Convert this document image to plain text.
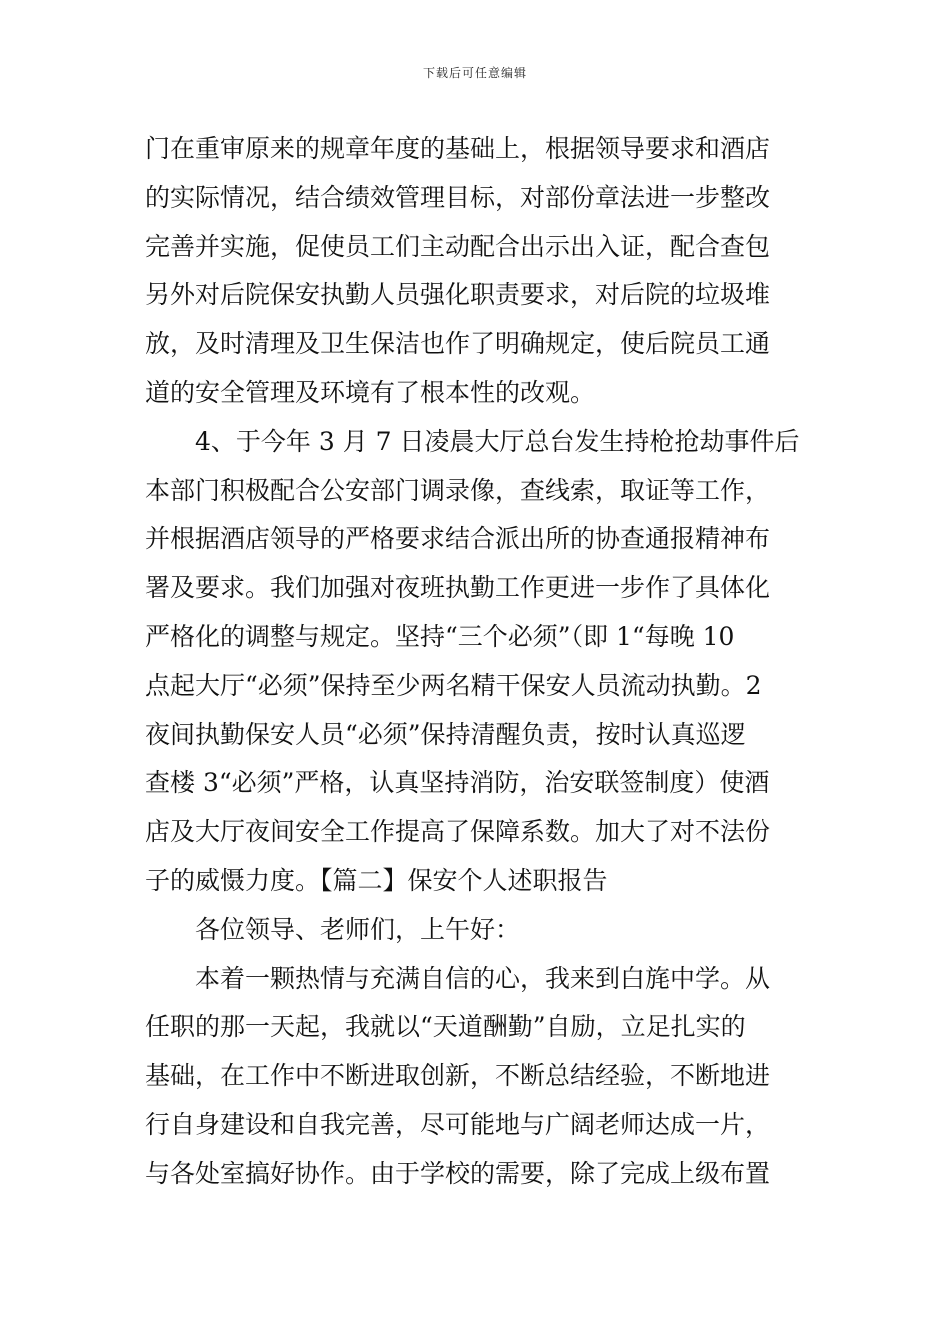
下载后可任意编辑
门在重审原来的规章年度的基础上，根据领导要求和酒店
的实际情况，结合绩效管理目标，对部份章法进一步整改
完善并实施，促使员工们主动配合出示出入证，配合查包
另外对后院保安执勤人员强化职责要求，对后院的垃圾堆
放，及时清理及卫生保洁也作了明确规定，使后院员工通
道的安全管理及环境有了根本性的改观。
4、于今年 3 月 7 日凌晨大厅总台发生持枪抢劫事件后
本部门积极配合公安部门调录像，查线索，取证等工作，
并根据酒店领导的严格要求结合派出所的协查通报精神布
署及要求。我们加强对夜班执勤工作更进一步作了具体化
严格化的调整与规定。坚持“三个必须”（即 1“每晚 10
点起大厅“必须”保持至少两名精干保安人员流动执勤。2
夜间执勤保安人员“必须”保持清醒负责，按时认真巡逻
查楼 3“必须”严格，认真坚持消防，治安联签制度）使酒
店及大厅夜间安全工作提高了保障系数。加大了对不法份
子的威慑力度。【篇二】保安个人述职报告
各位领导、老师们，上午好：
本着一颗热情与充满自信的心，我来到白旄中学。从
任职的那一天起，我就以“天道酬勤”自励，立足扎实的
基础，在工作中不断进取创新，不断总结经验，不断地进
行自身建设和自我完善，尽可能地与广阔老师达成一片，
与各处室搞好协作。由于学校的需要，除了完成上级布置
